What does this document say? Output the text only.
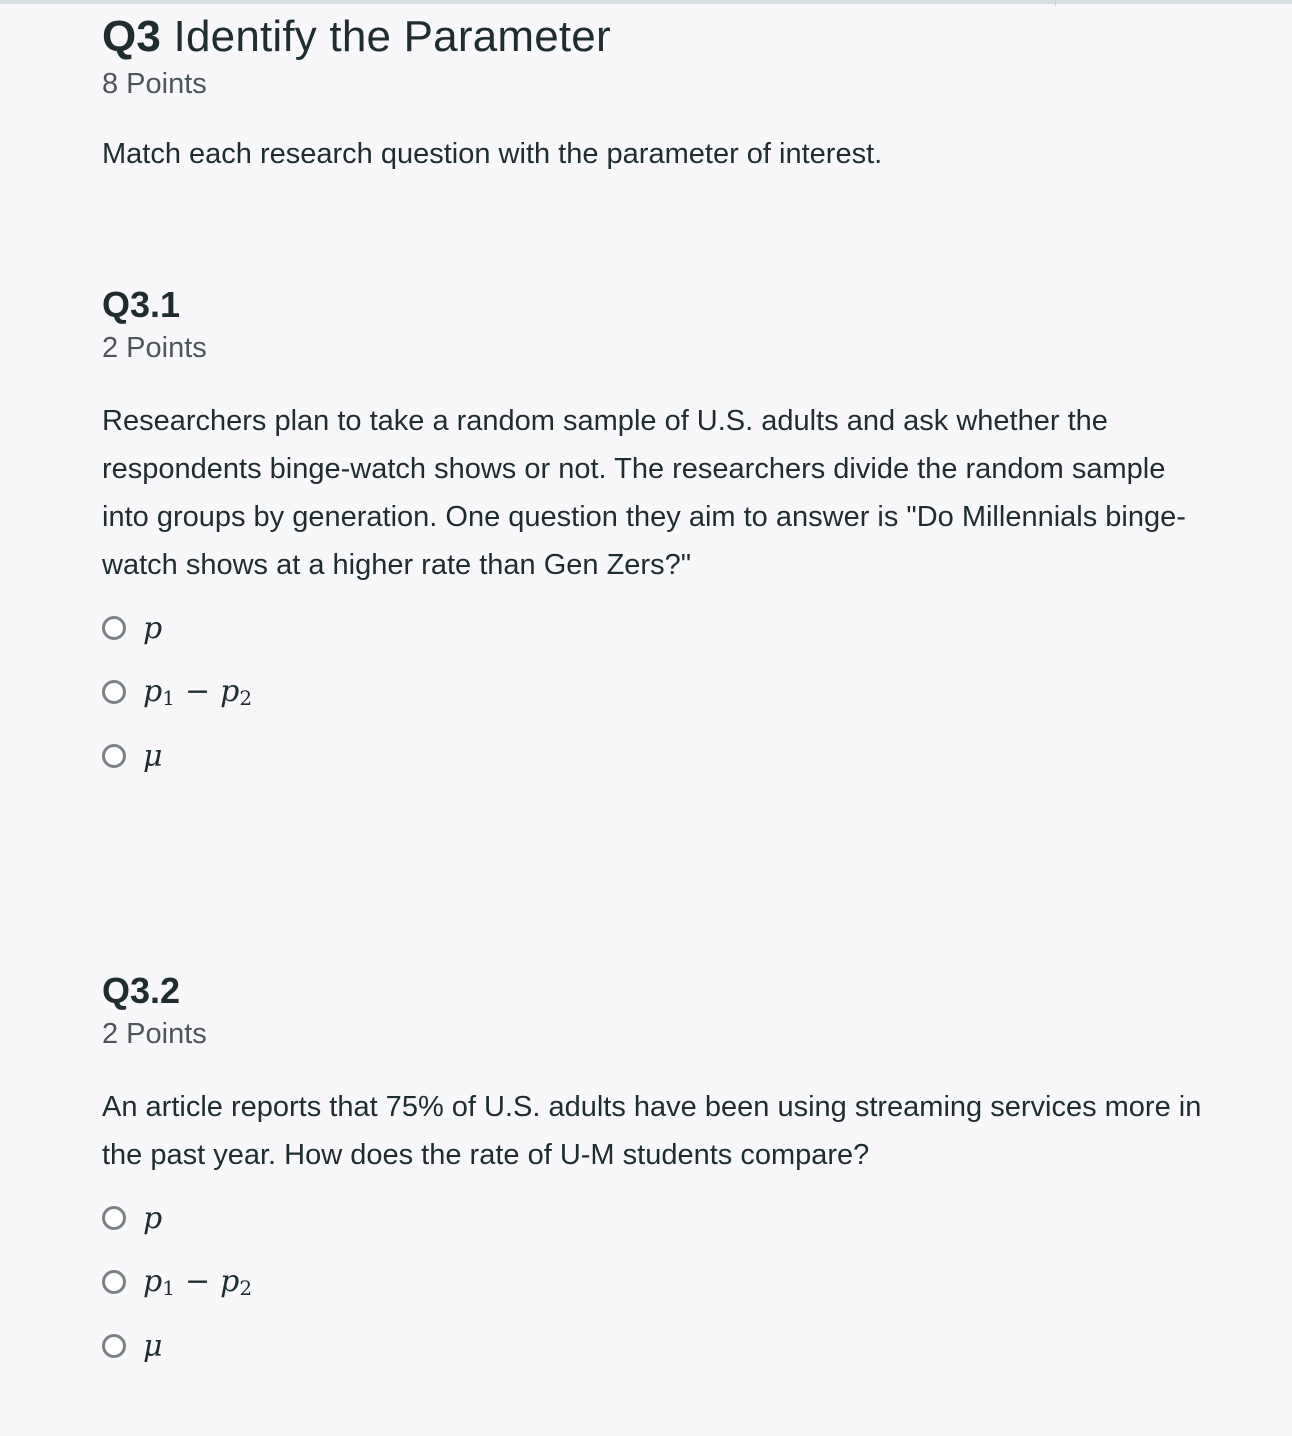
Q3 Identify the Parameter
8 Points

Match each research question with the parameter of interest.

Q3.1
2 Points

Researchers plan to take a random sample of U.S. adults and ask whether the respondents binge-watch shows or not. The researchers divide the random sample into groups by generation. One question they aim to answer is "Do Millennials binge-watch shows at a higher rate than Gen Zers?"

p
$p_1 - p_2$
μ
Q3.2
2 Points

An article reports that 75% of U.S. adults have been using streaming services more in the past year. How does the rate of U-M students compare?

p
$p_1 - p_2$
μ
